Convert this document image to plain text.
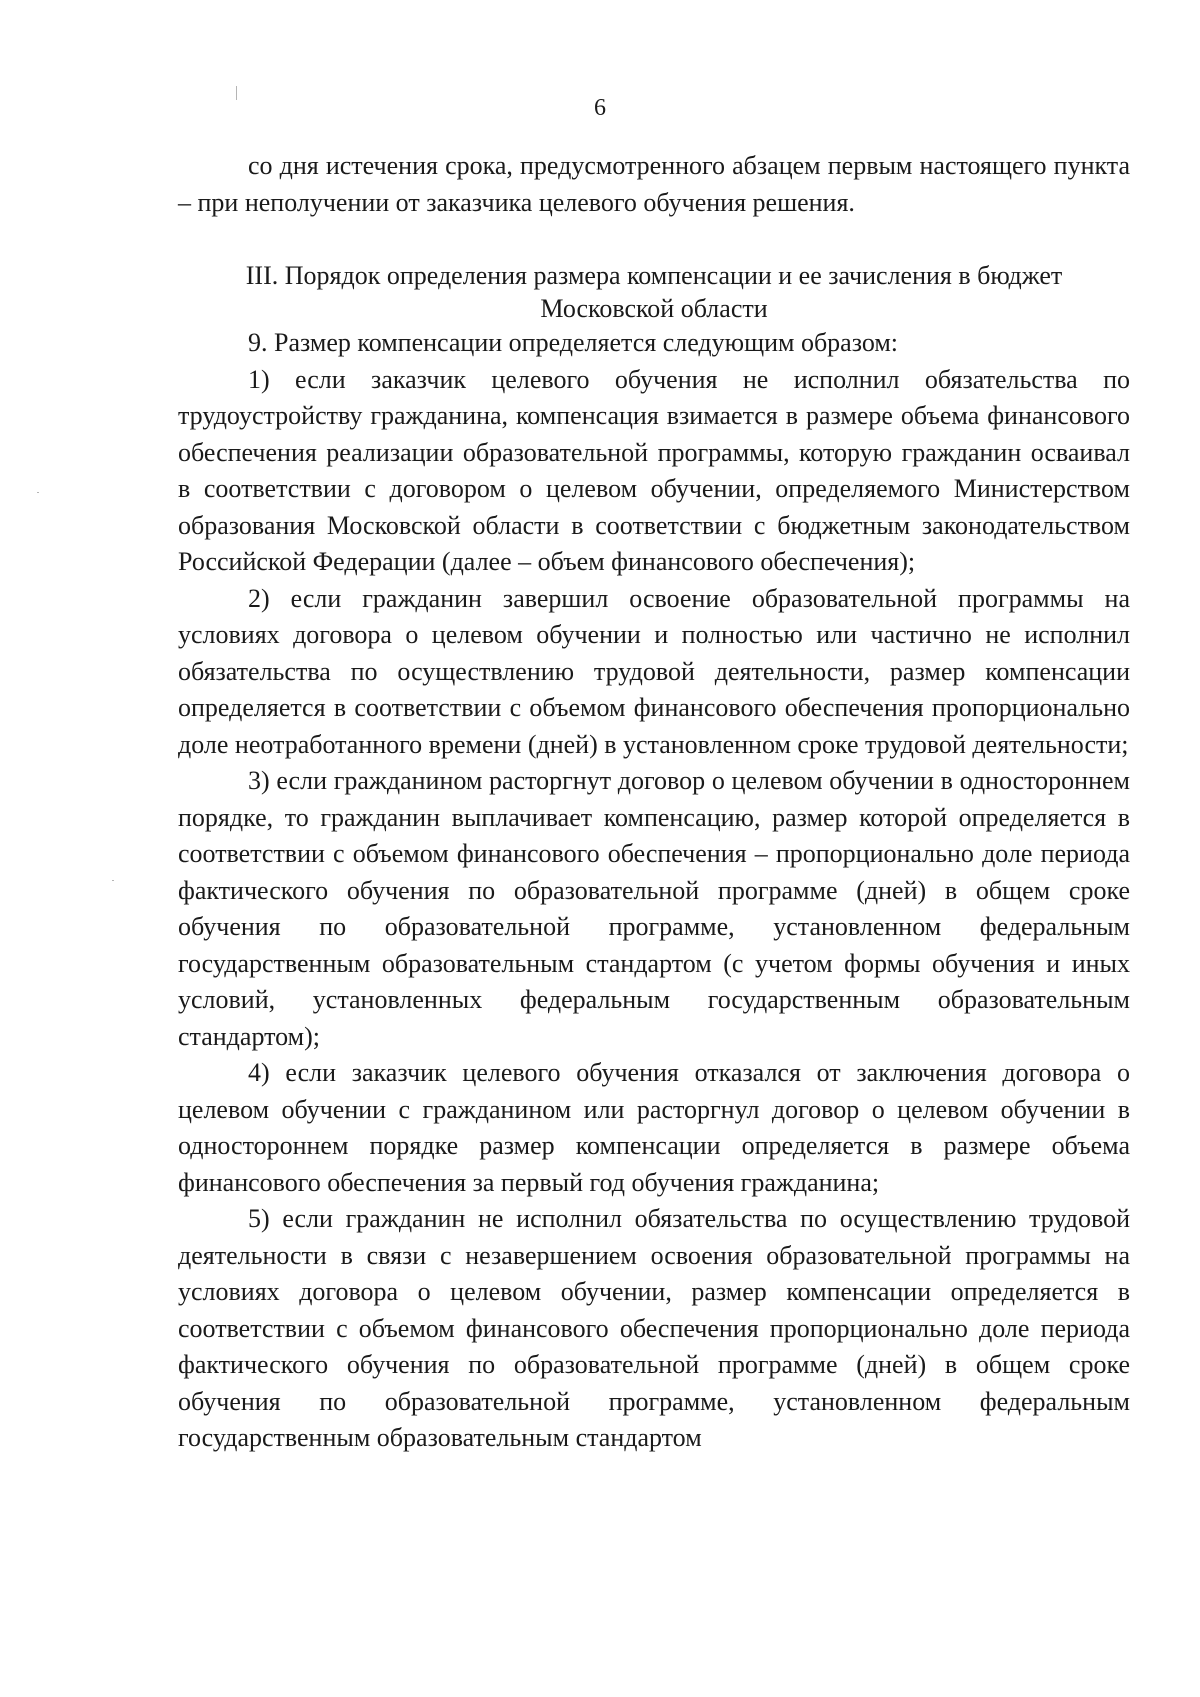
6

со дня истечения срока, предусмотренного абзацем первым настоящего пункта – при неполучении от заказчика целевого обучения решения.

III. Порядок определения размера компенсации и ее зачисления в бюджет
Московской области

9. Размер компенсации определяется следующим образом:

1) если заказчик целевого обучения не исполнил обязательства по трудоустройству гражданина, компенсация взимается в размере объема финансового обеспечения реализации образовательной программы, которую гражданин осваивал в соответствии с договором о целевом обучении, определяемого Министерством образования Московской области в соответствии с бюджетным законодательством Российской Федерации (далее – объем финансового обеспечения);

2) если гражданин завершил освоение образовательной программы на условиях договора о целевом обучении и полностью или частично не исполнил обязательства по осуществлению трудовой деятельности, размер компенсации определяется в соответствии с объемом финансового обеспечения пропорционально доле неотработанного времени (дней) в установленном сроке трудовой деятельности;

3) если гражданином расторгнут договор о целевом обучении в одностороннем порядке, то гражданин выплачивает компенсацию, размер которой определяется в соответствии с объемом финансового обеспечения – пропорционально доле периода фактического обучения по образовательной программе (дней) в общем сроке обучения по образовательной программе, установленном федеральным государственным образовательным стандартом (с учетом формы обучения и иных условий, установленных федеральным государственным образовательным стандартом);

4) если заказчик целевого обучения отказался от заключения договора о целевом обучении с гражданином или расторгнул договор о целевом обучении в одностороннем порядке размер компенсации определяется в размере объема финансового обеспечения за первый год обучения гражданина;

5) если гражданин не исполнил обязательства по осуществлению трудовой деятельности в связи с незавершением освоения образовательной программы на условиях договора о целевом обучении, размер компенсации определяется в соответствии с объемом финансового обеспечения пропорционально доле периода фактического обучения по образовательной программе (дней) в общем сроке обучения по образовательной программе, установленном федеральным государственным образовательным стандартом
